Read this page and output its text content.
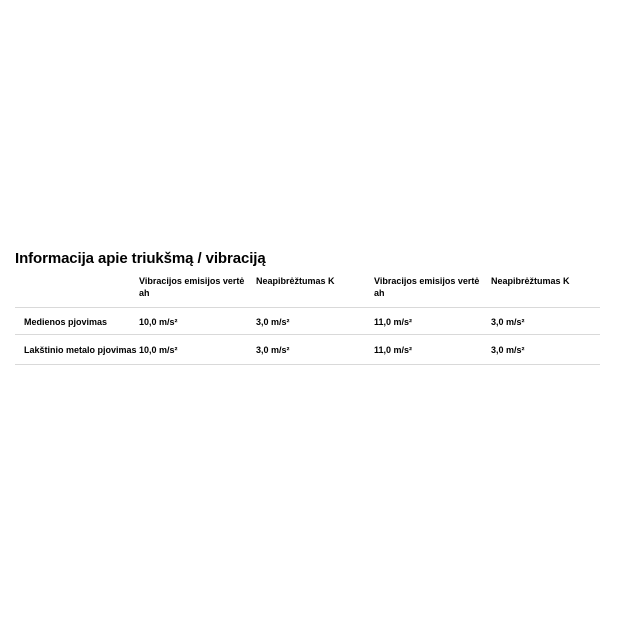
Informacija apie triukšmą / vibraciją
	Vibracijos emisijos vertė ah	Neapibrėžtumas K	Vibracijos emisijos vertė ah	Neapibrėžtumas K
Medienos pjovimas	10,0 m/s²	3,0 m/s²	11,0 m/s²	3,0 m/s²
Lakštinio metalo pjovimas	10,0 m/s²	3,0 m/s²	11,0 m/s²	3,0 m/s²
